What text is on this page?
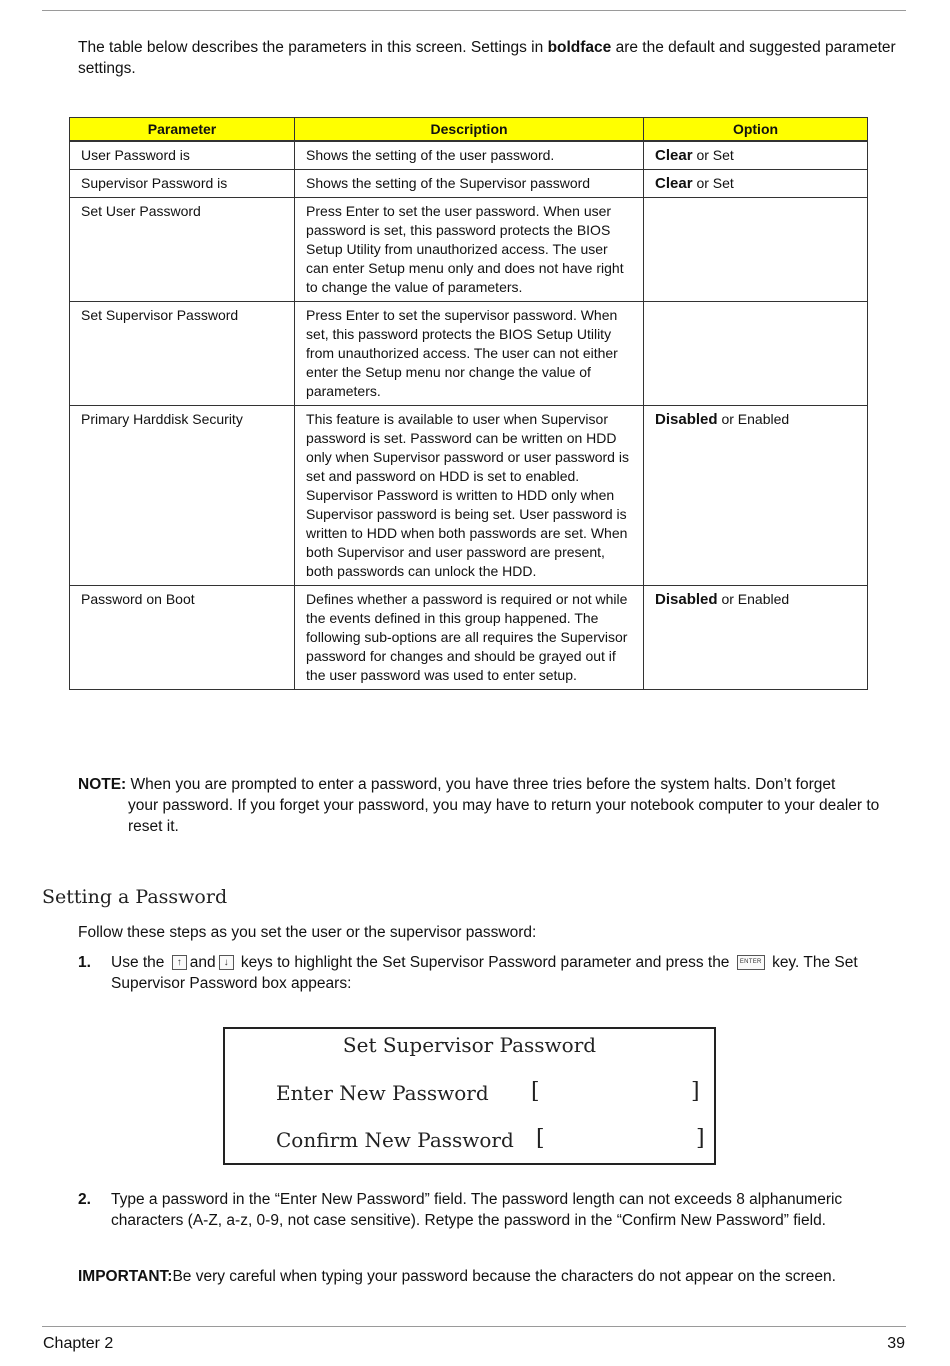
The table below describes the parameters in this screen. Settings in boldface are the default and suggested parameter settings.

Parameter	Description	Option
User Password is	Shows the setting of the user password.	Clear or Set
Supervisor Password is	Shows the setting of the Supervisor password	Clear or Set
Set User Password	Press Enter to set the user password. When user password is set, this password protects the BIOS Setup Utility from unauthorized access. The user can enter Setup menu only and does not have right to change the value of parameters.	
Set Supervisor Password	Press Enter to set the supervisor password. When set, this password protects the BIOS Setup Utility from unauthorized access. The user can not either enter the Setup menu nor change the value of parameters.	
Primary Harddisk Security	This feature is available to user when Supervisor password is set. Password can be written on HDD only when Supervisor password or user password is set and password on HDD is set to enabled. Supervisor Password is written to HDD only when Supervisor password is being set. User password is written to HDD when both passwords are set. When both Supervisor and user password are present, both passwords can unlock the HDD.	Disabled or Enabled
Password on Boot	Defines whether a password is required or not while the events defined in this group happened. The following sub-options are all requires the Supervisor password for changes and should be grayed out if the user password was used to enter setup.	Disabled or Enabled
NOTE: When you are prompted to enter a password, you have three tries before the system halts. Don’t forget
your password. If you forget your password, you may have to return your notebook computer to your dealer to reset it.
Setting a Password
Follow these steps as you set the user or the supervisor password:
1. Use the ↑ and ↓ keys to highlight the Set Supervisor Password parameter and press the ENTER key. The Set Supervisor Password box appears:
Set Supervisor Password
Enter New Password [	]
Confirm New Password [	]
2. Type a password in the “Enter New Password” field. The password length can not exceeds 8 alphanumeric characters (A-Z, a-z, 0-9, not case sensitive). Retype the password in the “Confirm New Password” field.
IMPORTANT:Be very careful when typing your password because the characters do not appear on the screen.
Chapter 2	39
